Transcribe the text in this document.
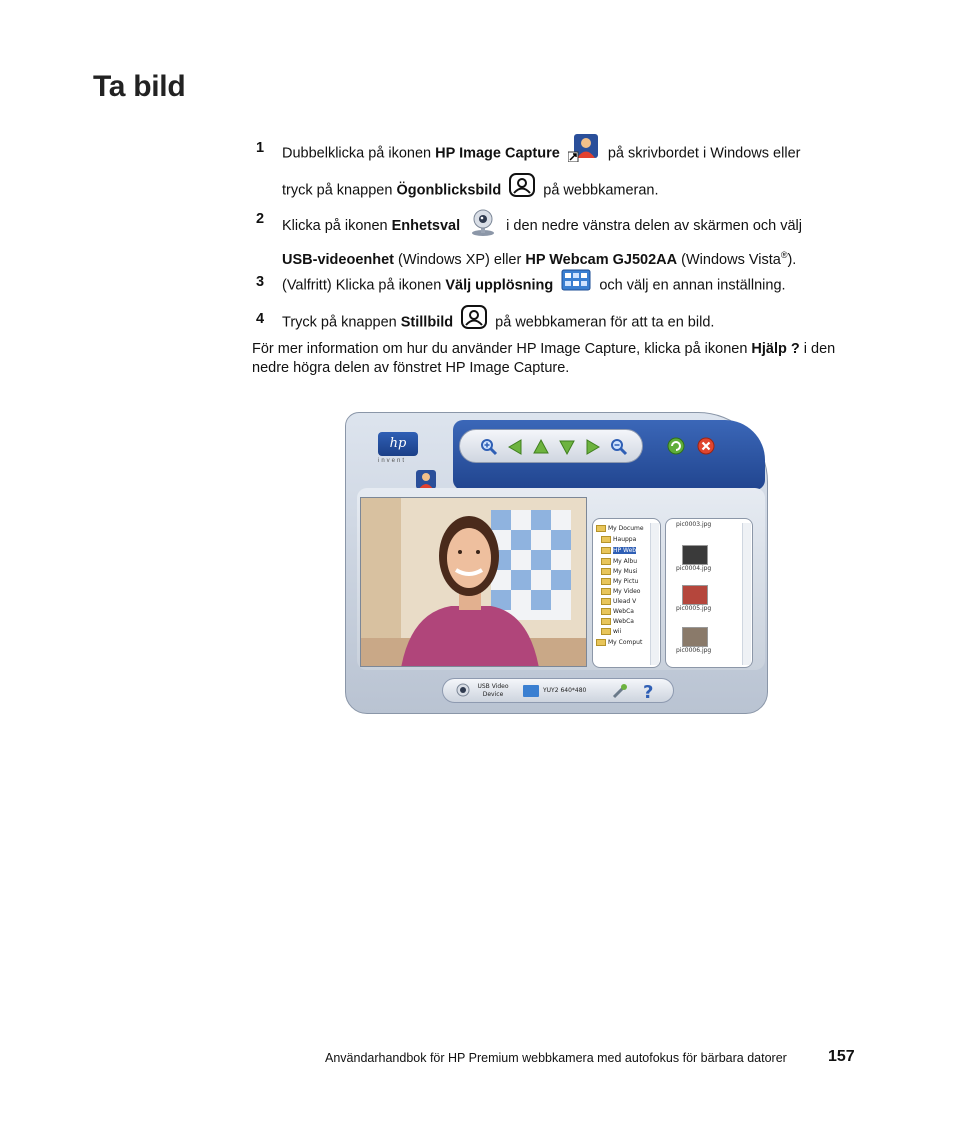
Ta bild
1 Dubbelklicka på ikonen HP Image Capture	på skrivbordet i Windows eller
tryck på knappen Ögonblicksbild	på webbkameran.
2 Klicka på ikonen Enhetsval	i den nedre vänstra delen av skärmen och välj
USB-videoenhet (Windows XP) eller HP Webcam GJ502AA (Windows Vista®).
3 (Valfritt) Klicka på ikonen Välj upplösning	och välj en annan inställning.
4 Tryck på knappen Stillbild	på webbkameran för att ta en bild.

För mer information om hur du använder HP Image Capture, klicka på ikonen Hjälp ? i den nedre högra delen av fönstret HP Image Capture.

hp
invent
My Docume
Hauppa
HP Web
My Albu
My Musi
My Pictu
My Video
Ulead V
WebCa
WebCa
wii
My Comput
pic0003.jpg
pic0004.jpg
pic0005.jpg
pic0006.jpg
USB Video Device
YUY2 640*480	?
Användarhandbok för HP Premium webbkamera med autofokus för bärbara datorer	157
